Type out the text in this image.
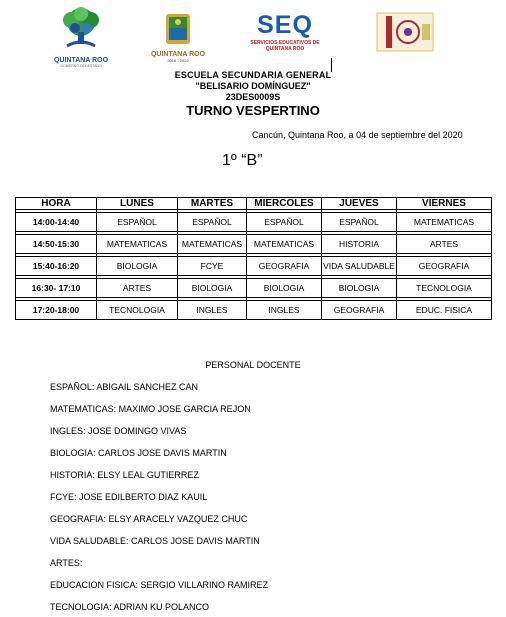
QUINTANA ROO
GOBIERNO DEL ESTADO
QUINTANA ROO
2016 - 2022
SEQ
SERVICIOS EDUCATIVOS DE QUINTANA ROO
ESCUELA SECUNDARIA GENERAL
"BELISARIO DOMÍNGUEZ"
23DES0009S
TURNO VESPERTINO
Cancún, Quintana Roo, a 04 de septiembre del 2020
1º “B”
HORA	LUNES	MARTES	MIERCOLES	JUEVES	VIERNES

14:00-14:40	ESPAÑOL	ESPAÑOL	ESPAÑOL	ESPAÑOL	MATEMATICAS

14:50-15:30	MATEMATICAS	MATEMATICAS	MATEMATICAS	HISTORIA	ARTES

15:40-16:20	BIOLOGIA	FCYE	GEOGRAFIA	VIDA SALUDABLE	GEOGRAFIA

16:30- 17:10	ARTES	BIOLOGIA	BIOLOGIA	BIOLOGIA	TECNOLOGIA

17:20-18:00	TECNOLOGIA	INGLES	INGLES	GEOGRAFIA	EDUC. FISICA
PERSONAL DOCENTE
ESPAÑOL: ABIGAIL SANCHEZ CAN
MATEMATICAS: MAXIMO JOSE GARCIA REJON
INGLES: JOSE DOMINGO VIVAS
BIOLOGIA: CARLOS JOSE DAVIS MARTIN
HISTORIA: ELSY LEAL GUTIERREZ
FCYE: JOSE EDILBERTO DIAZ KAUIL
GEOGRAFIA: ELSY ARACELY VAZQUEZ CHUC
VIDA SALUDABLE: CARLOS JOSE DAVIS MARTIN
ARTES:
EDUCACION FISICA: SERGIO VILLARINO RAMIREZ
TECNOLOGIA: ADRIAN KU POLANCO
